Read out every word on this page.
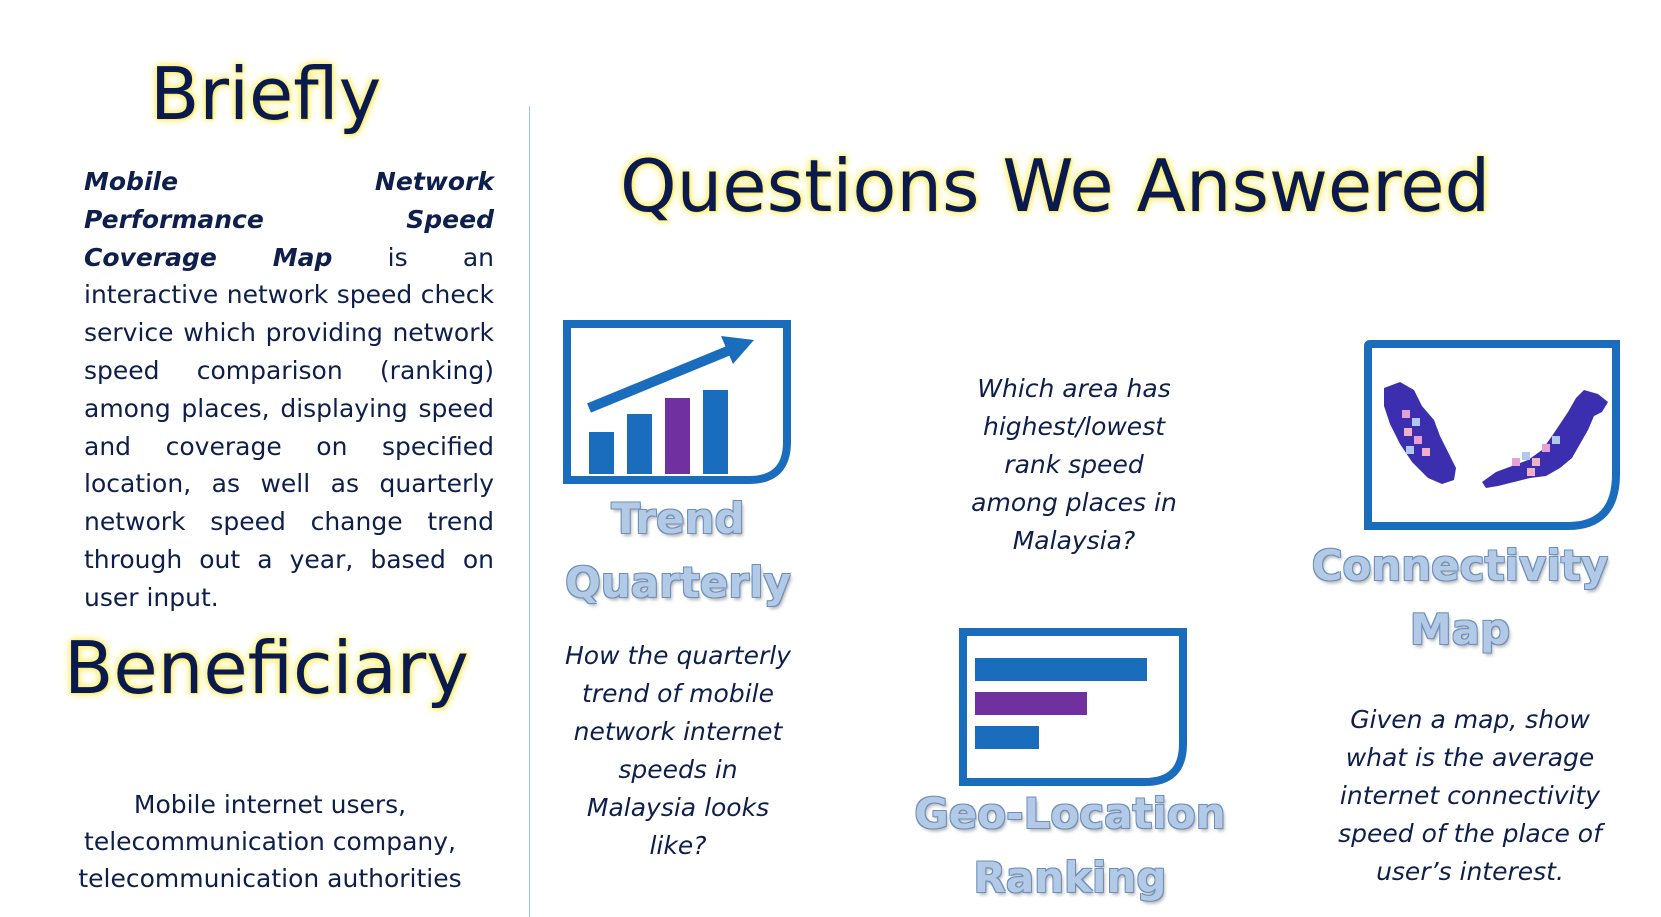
Briefly

Mobile Network Performance Speed Coverage Map is an interactive network speed check service which providing network speed comparison (ranking) among places, displaying speed and coverage on specified location, as well as quarterly network speed change trend through out a year, based on user input.

Beneficiary

Mobile internet users,
telecommunication company,
telecommunication authorities

Questions We Answered
Trend
Quarterly

How the quarterly trend of mobile network internet speeds in Malaysia looks like?

Geo-Location
Ranking

Which area has highest/lowest rank speed among places in Malaysia?

Connectivity
Map

Given a map, show what is the average internet connectivity speed of the place of user’s interest.
